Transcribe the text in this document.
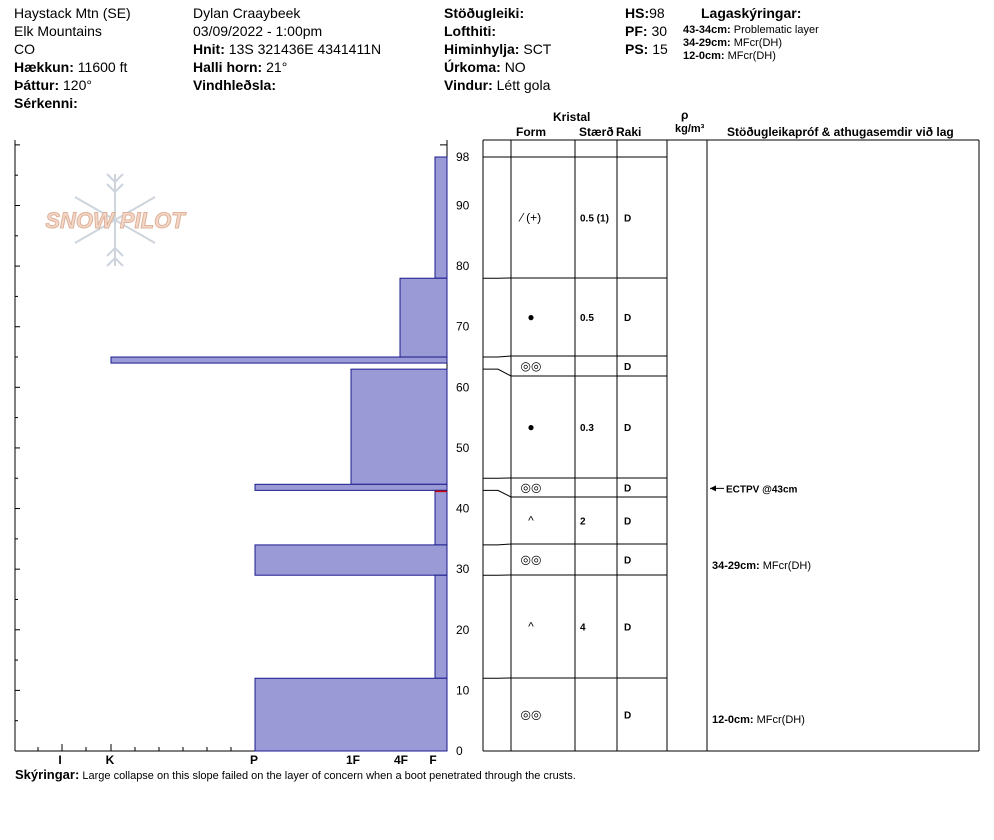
Haystack Mtn (SE)
Elk Mountains
CO
Hækkun: 11600 ft
Þáttur: 120°
Sérkenni:
Dylan Craaybeek
03/09/2022 - 1:00pm
Hnit: 13S 321436E 4341411N
Halli horn: 21°
Vindhleðsla:
Stöðugleiki:
Lofthiti:
Himinhylja: SCT
Úrkoma: NO
Vindur: Létt gola
HS:98
PF: 30
PS: 15
Lagaskýringar:
43-34cm: Problematic layer
34-29cm: MFcr(DH)
12-0cm: MFcr(DH)
Kristal
Form	Stærð Raki
ρ
kg/m³ Stöðugleikapróf & athugasemdir við lag
SNOW PILOT
0
10
20
30
40
50
60
70
80
90
98
I	K	P	1F	4F F
⁄ (+)	0.5 (1) D
●	0.5	D
◎◎	D
●	0.3	D
◎◎	D
^	2	D
◎◎	D
^	4	D
◎◎	D
ECTPV @43cm
34-29cm: MFcr(DH)
12-0cm: MFcr(DH)
Skýringar: Large collapse on this slope failed on the layer of concern when a boot penetrated through the crusts.
